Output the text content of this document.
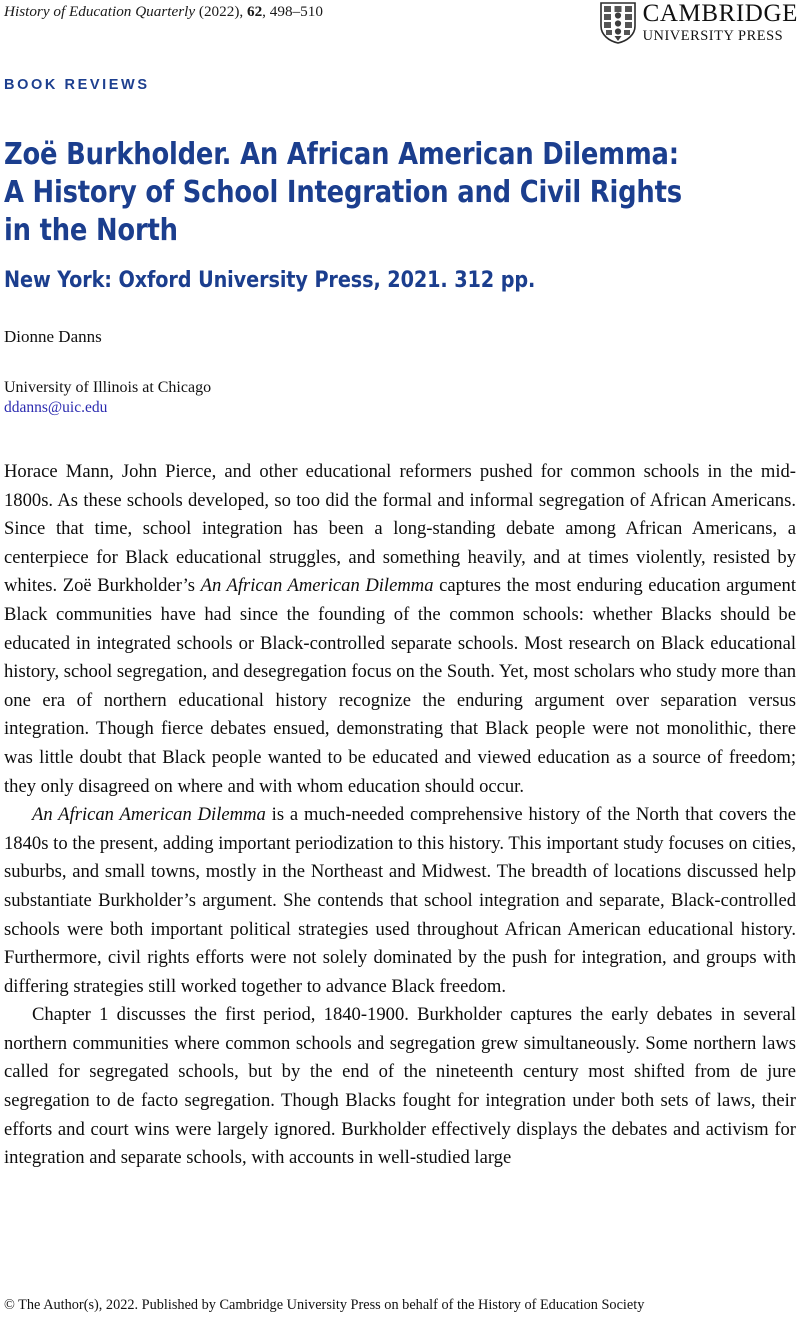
History of Education Quarterly (2022), 62, 498–510	CAMBRIDGE
UNIVERSITY PRESS
BOOK REVIEWS
Zoë Burkholder. An African American Dilemma: A History of School Integration and Civil Rights in the North
New York: Oxford University Press, 2021. 312 pp.
Dionne Danns
University of Illinois at Chicago
ddanns@uic.edu

Horace Mann, John Pierce, and other educational reformers pushed for common schools in the mid-1800s. As these schools developed, so too did the formal and informal segregation of African Americans. Since that time, school integration has been a long-standing debate among African Americans, a centerpiece for Black educational struggles, and something heavily, and at times violently, resisted by whites. Zoë Burkholder’s An African American Dilemma captures the most enduring education argument Black communities have had since the founding of the common schools: whether Blacks should be educated in integrated schools or Black-controlled separate schools. Most research on Black educational history, school segregation, and desegregation focus on the South. Yet, most scholars who study more than one era of northern educational history recognize the enduring argument over separation versus integration. Though fierce debates ensued, demonstrating that Black people were not monolithic, there was little doubt that Black people wanted to be educated and viewed education as a source of freedom; they only disagreed on where and with whom education should occur.

An African American Dilemma is a much-needed comprehensive history of the North that covers the 1840s to the present, adding important periodization to this history. This important study focuses on cities, suburbs, and small towns, mostly in the Northeast and Midwest. The breadth of locations discussed help substantiate Burkholder’s argument. She contends that school integration and separate, Black-controlled schools were both important political strategies used throughout African American educational history. Furthermore, civil rights efforts were not solely dominated by the push for integration, and groups with differing strategies still worked together to advance Black freedom.

Chapter 1 discusses the first period, 1840-1900. Burkholder captures the early debates in several northern communities where common schools and segregation grew simultaneously. Some northern laws called for segregated schools, but by the end of the nineteenth century most shifted from de jure segregation to de facto segregation. Though Blacks fought for integration under both sets of laws, their efforts and court wins were largely ignored. Burkholder effectively displays the debates and activism for integration and separate schools, with accounts in well-studied large

© The Author(s), 2022. Published by Cambridge University Press on behalf of the History of Education Society
